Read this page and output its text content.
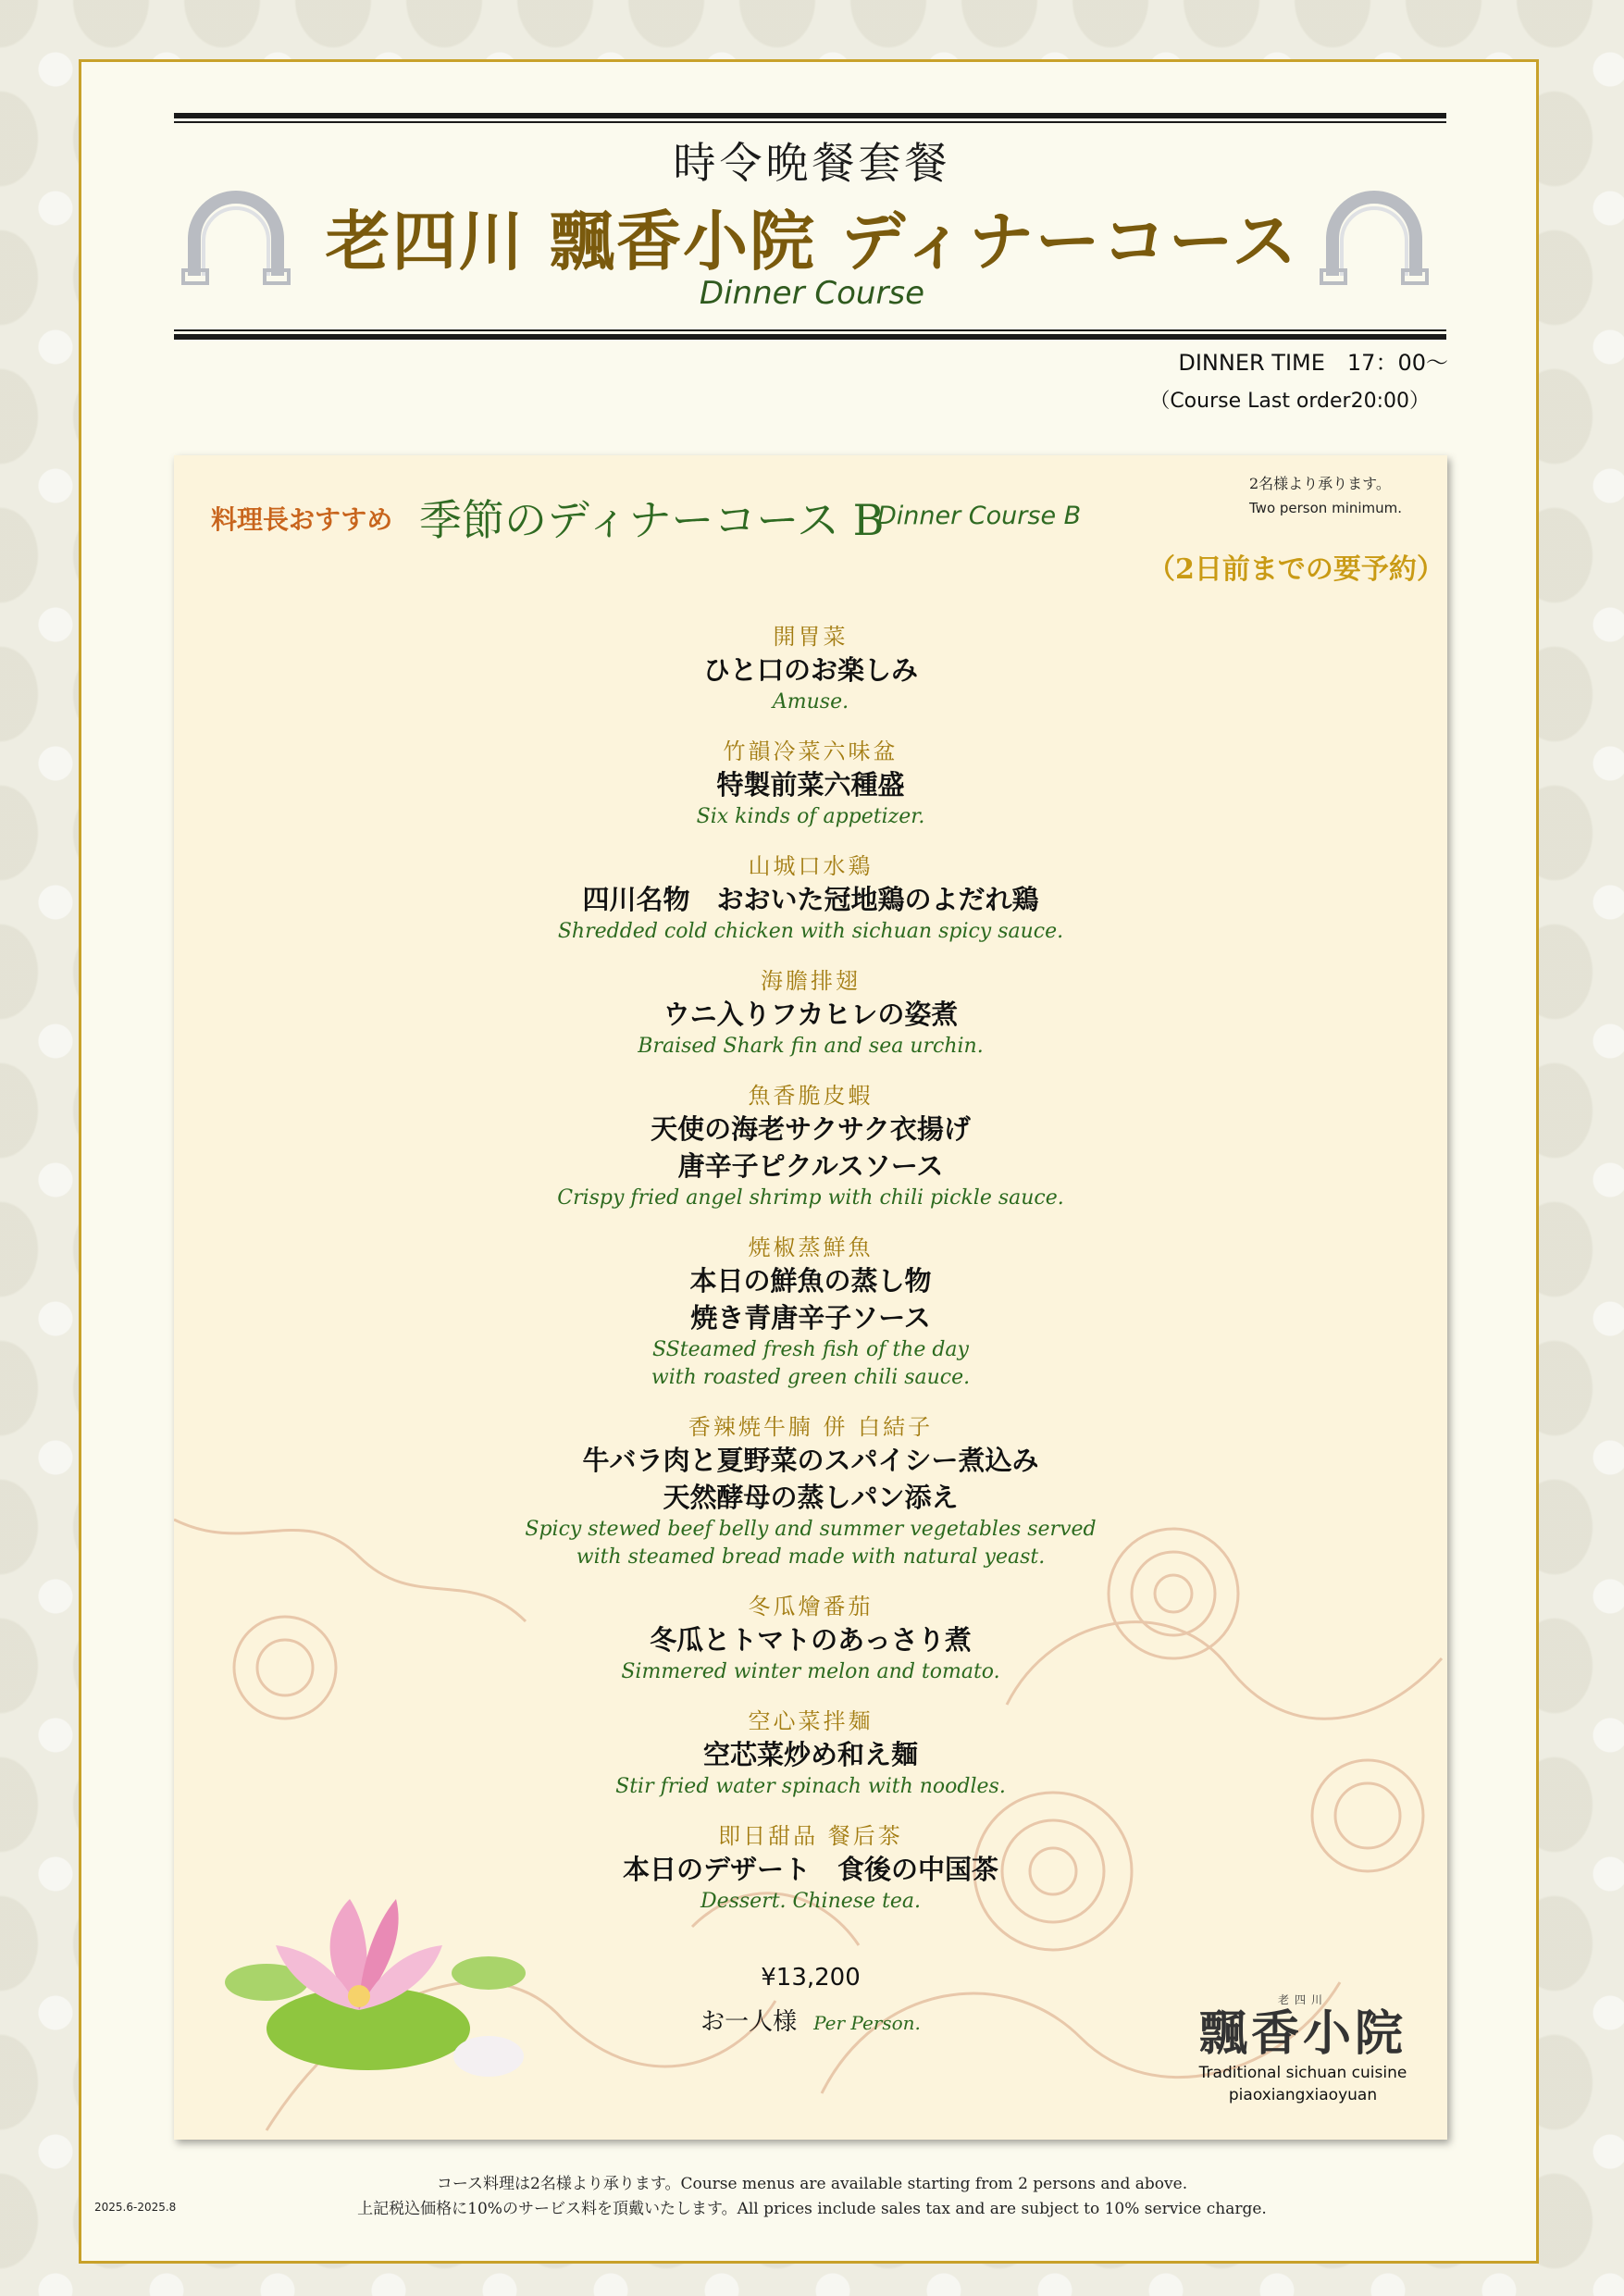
時令晩餐套餐
老四川 飄香小院 ディナーコース
Dinner Course
DINNER TIME　17：00～
（Course Last order20:00）
料理長おすすめ 季節のディナーコース B
Dinner Course B
2名様より承ります。
Two person minimum.
（2日前までの要予約）
開胃菜
ひと口のお楽しみ
Amuse.
竹韻冷菜六味盆
特製前菜六種盛
Six kinds of appetizer.
山城口水鶏
四川名物　おおいた冠地鶏のよだれ鶏
Shredded cold chicken with sichuan spicy sauce.
海膽排翅
ウニ入りフカヒレの姿煮
Braised Shark fin and sea urchin.
魚香脆皮蝦
天使の海老サクサク衣揚げ
唐辛子ピクルスソース
Crispy fried angel shrimp with chili pickle sauce.
焼椒蒸鮮魚
本日の鮮魚の蒸し物
焼き青唐辛子ソース
SSteamed fresh fish of the day
with roasted green chili sauce.
香辣焼牛腩 併 白結子
牛バラ肉と夏野菜のスパイシー煮込み
天然酵母の蒸しパン添え
Spicy stewed beef belly and summer vegetables served
with steamed bread made with natural yeast.
冬瓜燴番茄
冬瓜とトマトのあっさり煮
Simmered winter melon and tomato.
空心菜拌麺
空芯菜炒め和え麺
Stir fried water spinach with noodles.
即日甜品 餐后茶
本日のデザート　食後の中国茶
Dessert. Chinese tea.
¥13,200
お一人様 Per Person.
老四川
飄香小院
Traditional sichuan cuisine
piaoxiangxiaoyuan
コース料理は2名様より承ります。Course menus are available starting from 2 persons and above.
上記税込価格に10%のサービス料を頂戴いたします。All prices include sales tax and are subject to 10% service charge.
2025.6-2025.8
